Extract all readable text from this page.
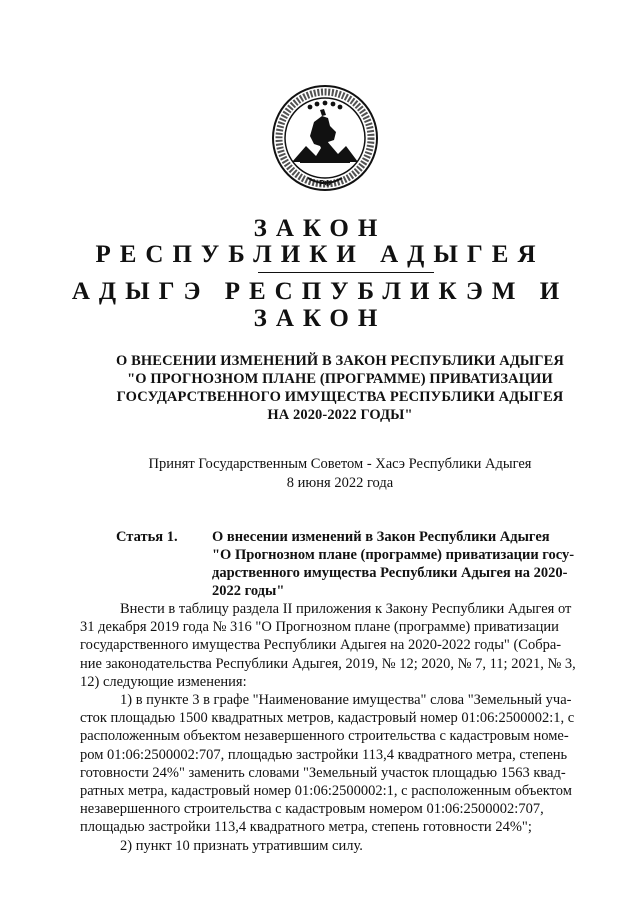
РФ
ЗАКОН
РЕСПУБЛИКИ АДЫГЕЯ
АДЫГЭ РЕСПУБЛИКЭМ И
ЗАКОН
О ВНЕСЕНИИ ИЗМЕНЕНИЙ В ЗАКОН РЕСПУБЛИКИ АДЫГЕЯ
"О ПРОГНОЗНОМ ПЛАНЕ (ПРОГРАММЕ) ПРИВАТИЗАЦИИ
ГОСУДАРСТВЕННОГО ИМУЩЕСТВА РЕСПУБЛИКИ АДЫГЕЯ
НА 2020-2022 ГОДЫ"
Принят Государственным Советом - Хасэ Республики Адыгея
8 июня 2022 года
Статья 1. О внесении изменений в Закон Республики Адыгея
"О Прогнозном плане (программе) приватизации госу-
дарственного имущества Республики Адыгея на 2020-
2022 годы"
Внести в таблицу раздела II приложения к Закону Республики Адыгея от
31 декабря 2019 года № 316 "О Прогнозном плане (программе) приватизации
государственного имущества Республики Адыгея на 2020-2022 годы" (Собра-
ние законодательства Республики Адыгея, 2019, № 12; 2020, № 7, 11; 2021, № 3,
12) следующие изменения:
1) в пункте 3 в графе "Наименование имущества" слова "Земельный уча-
сток площадью 1500 квадратных метров, кадастровый номер 01:06:2500002:1, с
расположенным объектом незавершенного строительства с кадастровым номе-
ром 01:06:2500002:707, площадью застройки 113,4 квадратного метра, степень
готовности 24%" заменить словами "Земельный участок площадью 1563 квад-
ратных метра, кадастровый номер 01:06:2500002:1, с расположенным объектом
незавершенного строительства с кадастровым номером 01:06:2500002:707,
площадью застройки 113,4 квадратного метра, степень готовности 24%";
2) пункт 10 признать утратившим силу.
